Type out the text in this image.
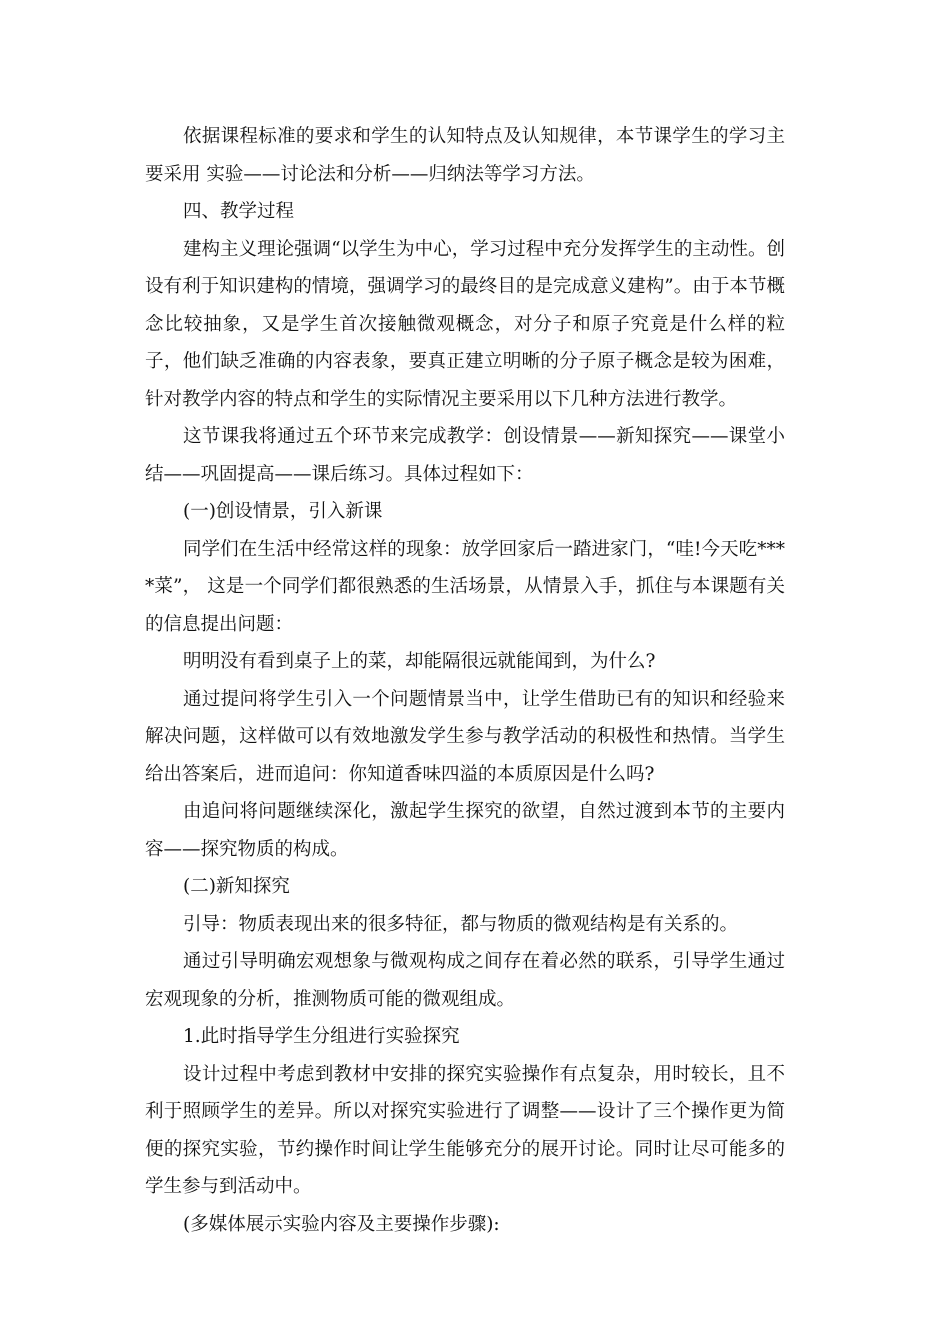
依据课程标准的要求和学生的认知特点及认知规律，本节课学生的学习主要采用 实验——讨论法和分析——归纳法等学习方法。

四、教学过程

建构主义理论强调“以学生为中心，学习过程中充分发挥学生的主动性。创设有利于知识建构的情境，强调学习的最终目的是完成意义建构”。由于本节概念比较抽象，又是学生首次接触微观概念，对分子和原子究竟是什么样的粒子，他们缺乏准确的内容表象，要真正建立明晰的分子原子概念是较为困难，针对教学内容的特点和学生的实际情况主要采用以下几种方法进行教学。

这节课我将通过五个环节来完成教学：创设情景——新知探究——课堂小结——巩固提高——课后练习。具体过程如下：

(一)创设情景，引入新课

同学们在生活中经常这样的现象：放学回家后一踏进家门，“哇!今天吃****菜”， 这是一个同学们都很熟悉的生活场景，从情景入手，抓住与本课题有关的信息提出问题：

明明没有看到桌子上的菜，却能隔很远就能闻到，为什么?

通过提问将学生引入一个问题情景当中，让学生借助已有的知识和经验来解决问题，这样做可以有效地激发学生参与教学活动的积极性和热情。当学生给出答案后，进而追问：你知道香味四溢的本质原因是什么吗?

由追问将问题继续深化，激起学生探究的欲望，自然过渡到本节的主要内容——探究物质的构成。

(二)新知探究

引导：物质表现出来的很多特征，都与物质的微观结构是有关系的。

通过引导明确宏观想象与微观构成之间存在着必然的联系，引导学生通过宏观现象的分析，推测物质可能的微观组成。

1.此时指导学生分组进行实验探究

设计过程中考虑到教材中安排的探究实验操作有点复杂，用时较长，且不利于照顾学生的差异。所以对探究实验进行了调整——设计了三个操作更为简便的探究实验，节约操作时间让学生能够充分的展开讨论。同时让尽可能多的学生参与到活动中。

(多媒体展示实验内容及主要操作步骤):
